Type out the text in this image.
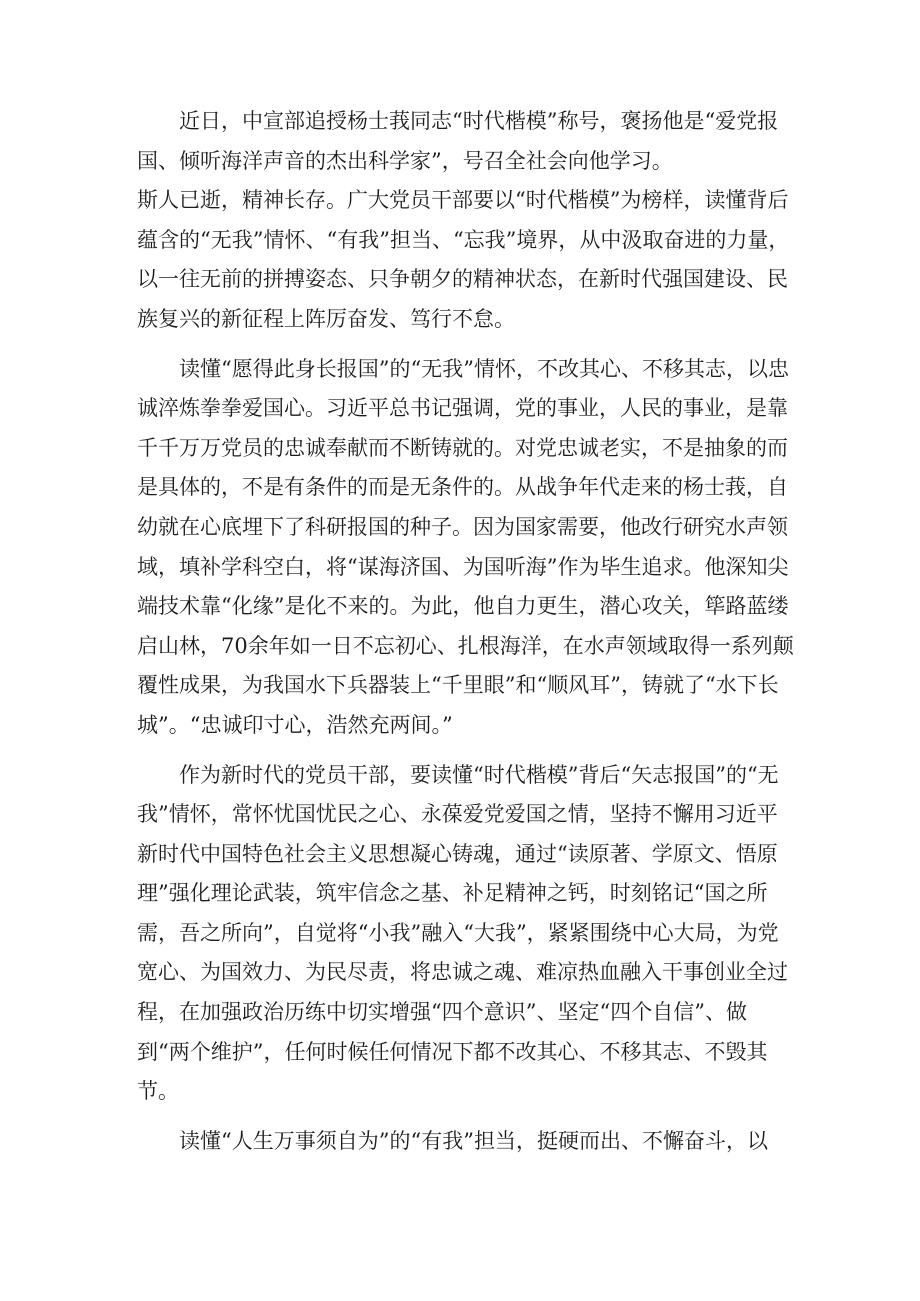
近日，中宣部追授杨士莪同志“时代楷模”称号，褒扬他是“爱党报国、倾听海洋声音的杰出科学家”，号召全社会向他学习。

斯人已逝，精神长存。广大党员干部要以“时代楷模”为榜样，读懂背后蕴含的“无我”情怀、“有我”担当、“忘我”境界，从中汲取奋进的力量，以一往无前的拼搏姿态、只争朝夕的精神状态，在新时代强国建设、民族复兴的新征程上阵厉奋发、笃行不怠。

读懂“愿得此身长报国”的“无我”情怀，不改其心、不移其志，以忠诚淬炼拳拳爱国心。习近平总书记强调，党的事业，人民的事业，是靠千千万万党员的忠诚奉献而不断铸就的。对党忠诚老实，不是抽象的而是具体的，不是有条件的而是无条件的。从战争年代走来的杨士莪，自幼就在心底埋下了科研报国的种子。因为国家需要，他改行研究水声领域，填补学科空白，将“谋海济国、为国听海”作为毕生追求。他深知尖端技术靠“化缘”是化不来的。为此，他自力更生，潜心攻关，筚路蓝缕启山林，70余年如一日不忘初心、扎根海洋，在水声领域取得一系列颠覆性成果，为我国水下兵器装上“千里眼”和“顺风耳”，铸就了“水下长城”。“忠诚印寸心，浩然充两间。”

作为新时代的党员干部，要读懂“时代楷模”背后“矢志报国”的“无我”情怀，常怀忧国忧民之心、永葆爱党爱国之情，坚持不懈用习近平新时代中国特色社会主义思想凝心铸魂，通过“读原著、学原文、悟原理”强化理论武装，筑牢信念之基、补足精神之钙，时刻铭记“国之所需，吾之所向”，自觉将“小我”融入“大我”，紧紧围绕中心大局，为党宽心、为国效力、为民尽责，将忠诚之魂、难凉热血融入干事创业全过程，在加强政治历练中切实增强“四个意识”、坚定“四个自信”、做到“两个维护”，任何时候任何情况下都不改其心、不移其志、不毁其节。

读懂“人生万事须自为”的“有我”担当，挺硬而出、不懈奋斗，以
